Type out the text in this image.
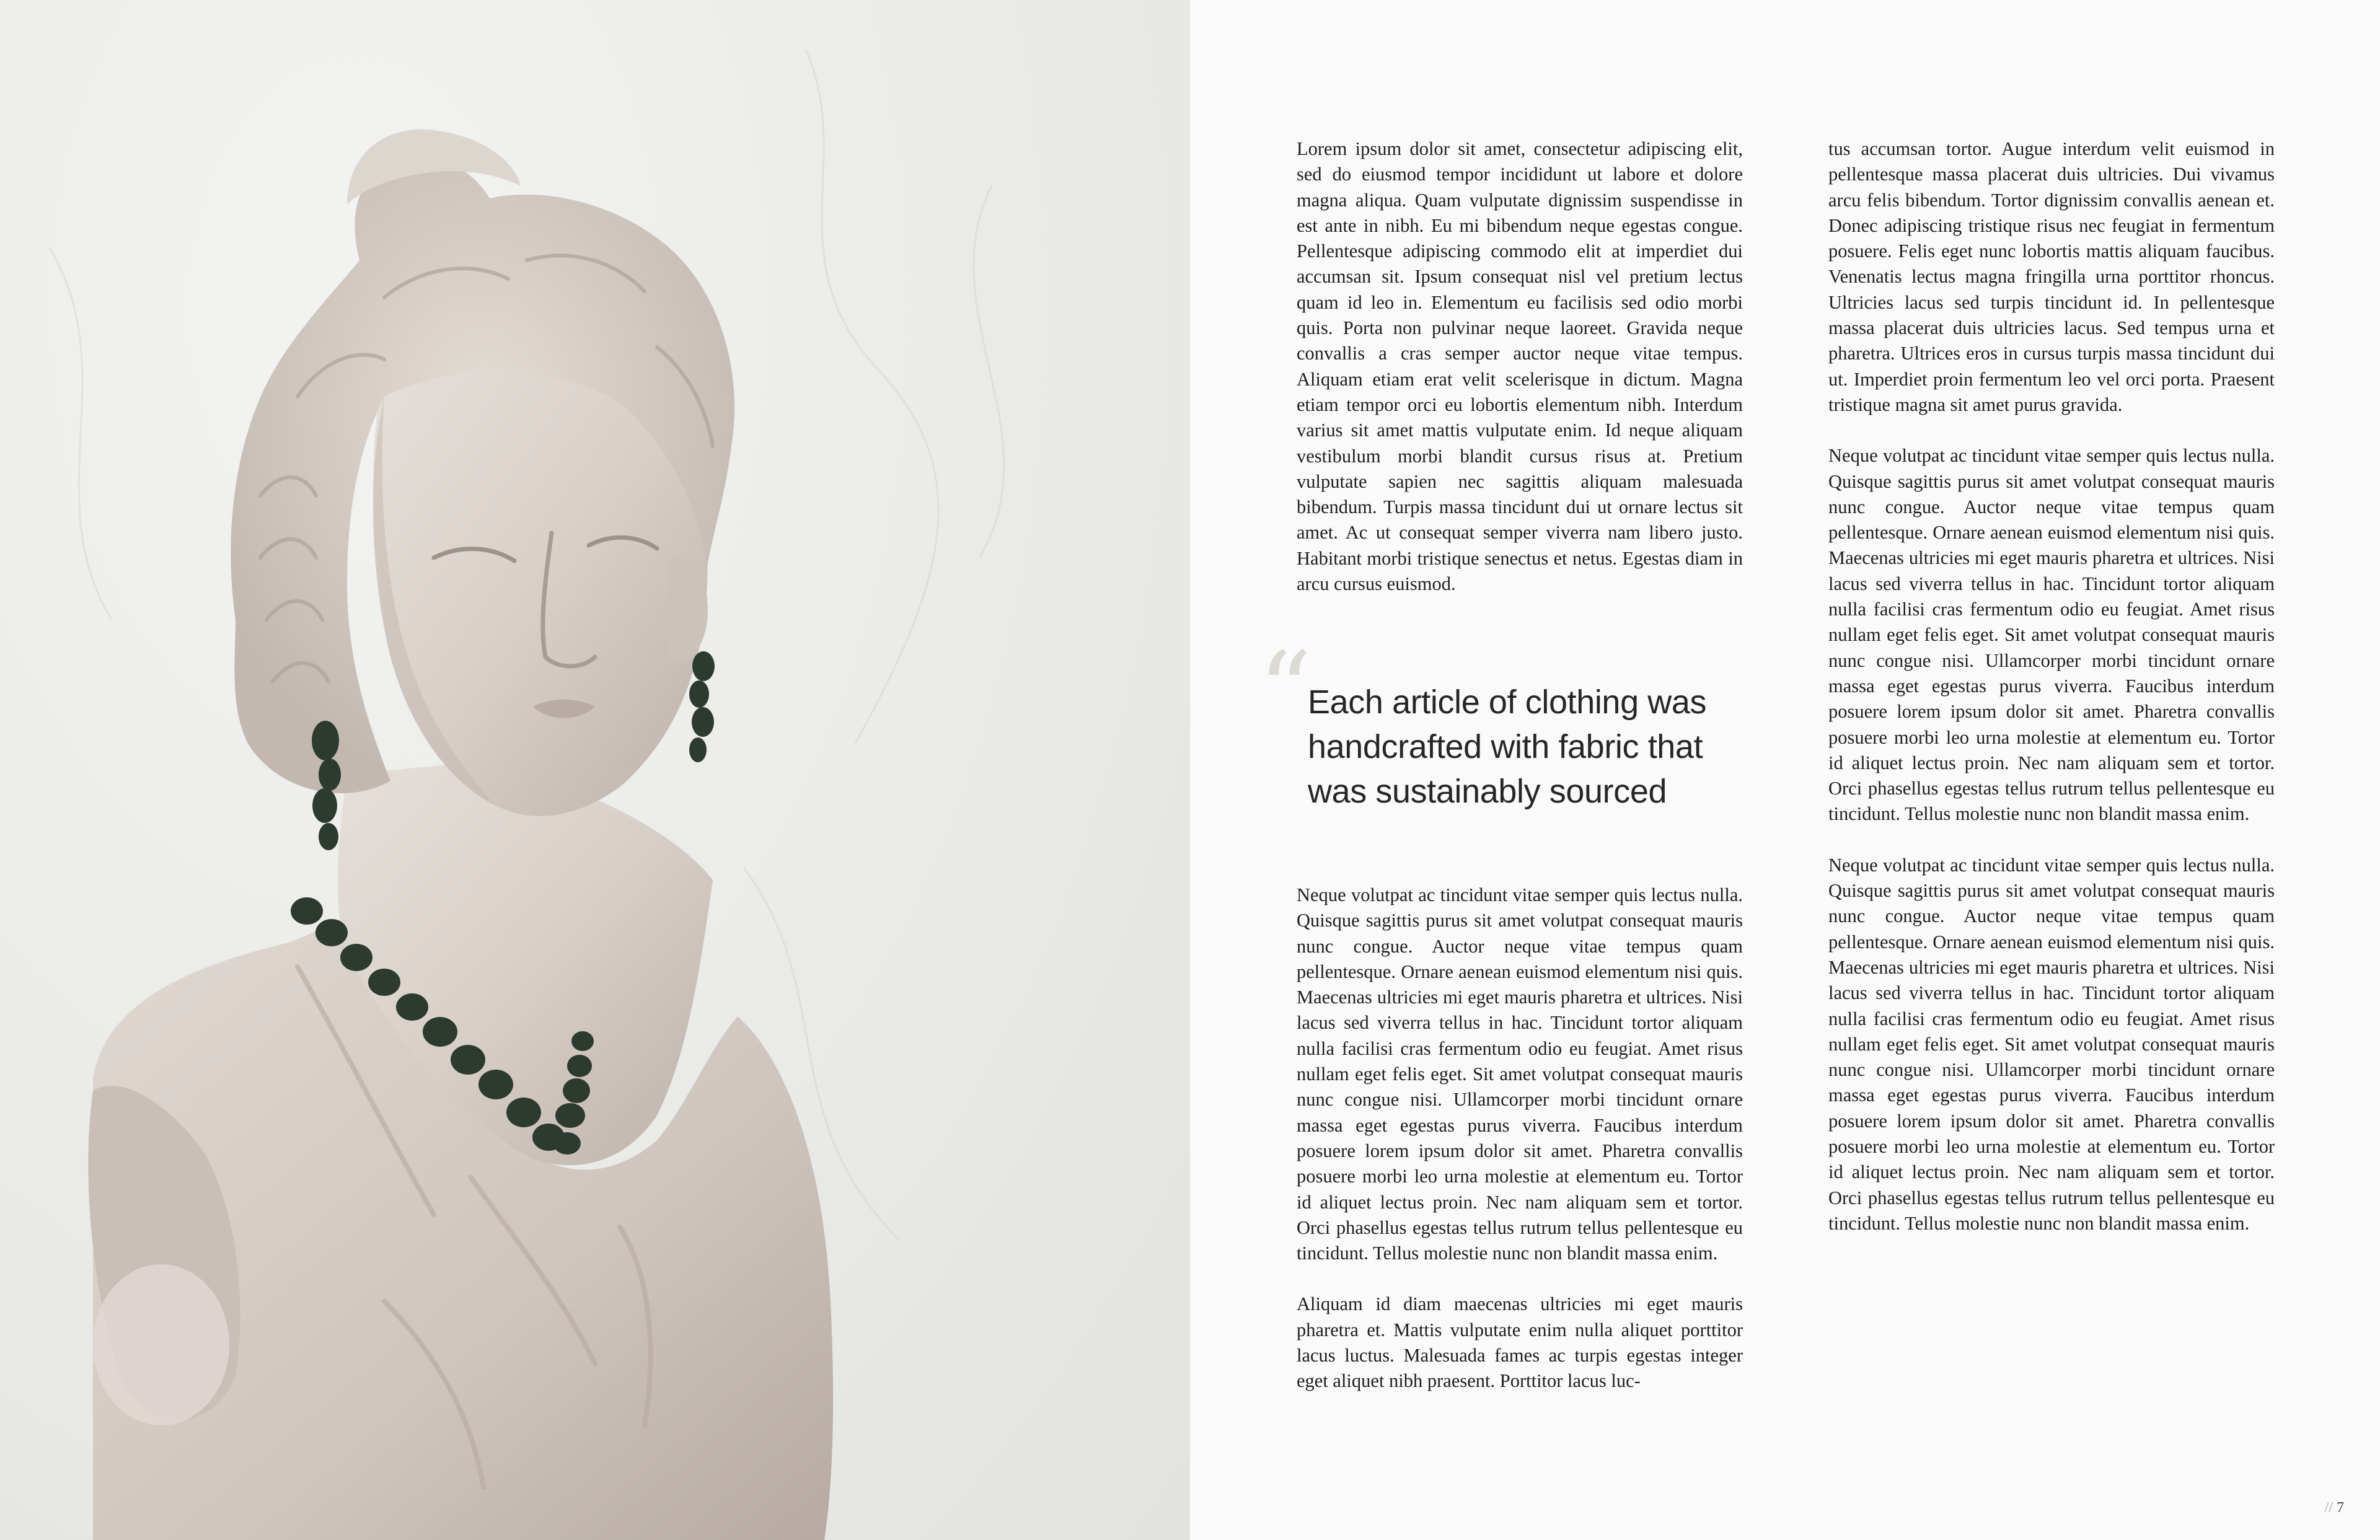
Lorem ipsum dolor sit amet, consectetur adipiscing elit, sed do eiusmod tempor incididunt ut labore et dolore magna aliqua. Quam vulputate dignissim suspendisse in est ante in nibh. Eu mi bibendum neque egestas congue. Pellentesque adipiscing commodo elit at imperdiet dui accumsan sit. Ipsum consequat nisl vel pretium lectus quam id leo in. Elementum eu facilisis sed odio morbi quis. Porta non pulvinar neque laoreet. Gravida neque convallis a cras semper auctor neque vitae tempus. Aliquam etiam erat velit scelerisque in dictum. Magna etiam tempor orci eu lobortis elementum nibh. Interdum varius sit amet mattis vulputate enim. Id neque aliquam vestibulum morbi blandit cursus risus at. Pretium vulputate sapien nec sagittis aliquam malesuada bibendum. Turpis massa tincidunt dui ut ornare lectus sit amet. Ac ut consequat semper viverra nam libero justo. Habitant morbi tristique senectus et netus. Egestas diam in arcu cursus euismod.

“
Each article of clothing was handcrafted with fabric that was sustainably sourced

Neque volutpat ac tincidunt vitae semper quis lectus nulla. Quisque sagittis purus sit amet volutpat consequat mauris nunc congue. Auctor neque vitae tempus quam pellentesque. Ornare aenean euismod elementum nisi quis. Maecenas ultricies mi eget mauris pharetra et ultrices. Nisi lacus sed viverra tellus in hac. Tincidunt tortor aliquam nulla facilisi cras fermentum odio eu feugiat. Amet risus nullam eget felis eget. Sit amet volutpat consequat mauris nunc congue nisi. Ullamcorper morbi tincidunt ornare massa eget egestas purus viverra. Faucibus interdum posuere lorem ipsum dolor sit amet. Pharetra convallis posuere morbi leo urna molestie at elementum eu. Tortor id aliquet lectus proin. Nec nam aliquam sem et tortor. Orci phasellus egestas tellus rutrum tellus pellentesque eu tincidunt. Tellus molestie nunc non blandit massa enim.

Aliquam id diam maecenas ultricies mi eget mauris pharetra et. Mattis vulputate enim nulla aliquet porttitor lacus luctus. Malesuada fames ac turpis egestas integer eget aliquet nibh praesent. Porttitor lacus luc-

tus accumsan tortor. Augue interdum velit euismod in pellentesque massa placerat duis ultricies. Dui vivamus arcu felis bibendum. Tortor dignissim convallis aenean et. Donec adipiscing tristique risus nec feugiat in fermentum posuere. Felis eget nunc lobortis mattis aliquam faucibus. Venenatis lectus magna fringilla urna porttitor rhoncus. Ultricies lacus sed turpis tincidunt id. In pellentesque massa placerat duis ultricies lacus. Sed tempus urna et pharetra. Ultrices eros in cursus turpis massa tincidunt dui ut. Imperdiet proin fermentum leo vel orci porta. Praesent tristique magna sit amet purus gravida.

Neque volutpat ac tincidunt vitae semper quis lectus nulla. Quisque sagittis purus sit amet volutpat consequat mauris nunc congue. Auctor neque vitae tempus quam pellentesque. Ornare aenean euismod elementum nisi quis. Maecenas ultricies mi eget mauris pharetra et ultrices. Nisi lacus sed viverra tellus in hac. Tincidunt tortor aliquam nulla facilisi cras fermentum odio eu feugiat. Amet risus nullam eget felis eget. Sit amet volutpat consequat mauris nunc congue nisi. Ullamcorper morbi tincidunt ornare massa eget egestas purus viverra. Faucibus interdum posuere lorem ipsum dolor sit amet. Pharetra convallis posuere morbi leo urna molestie at elementum eu. Tortor id aliquet lectus proin. Nec nam aliquam sem et tortor. Orci phasellus egestas tellus rutrum tellus pellentesque eu tincidunt. Tellus molestie nunc non blandit massa enim.

Neque volutpat ac tincidunt vitae semper quis lectus nulla. Quisque sagittis purus sit amet volutpat consequat mauris nunc congue. Auctor neque vitae tempus quam pellentesque. Ornare aenean euismod elementum nisi quis. Maecenas ultricies mi eget mauris pharetra et ultrices. Nisi lacus sed viverra tellus in hac. Tincidunt tortor aliquam nulla facilisi cras fermentum odio eu feugiat. Amet risus nullam eget felis eget. Sit amet volutpat consequat mauris nunc congue nisi. Ullamcorper morbi tincidunt ornare massa eget egestas purus viverra. Faucibus interdum posuere lorem ipsum dolor sit amet. Pharetra convallis posuere morbi leo urna molestie at elementum eu. Tortor id aliquet lectus proin. Nec nam aliquam sem et tortor. Orci phasellus egestas tellus rutrum tellus pellentesque eu tincidunt. Tellus molestie nunc non blandit massa enim.

// 7
